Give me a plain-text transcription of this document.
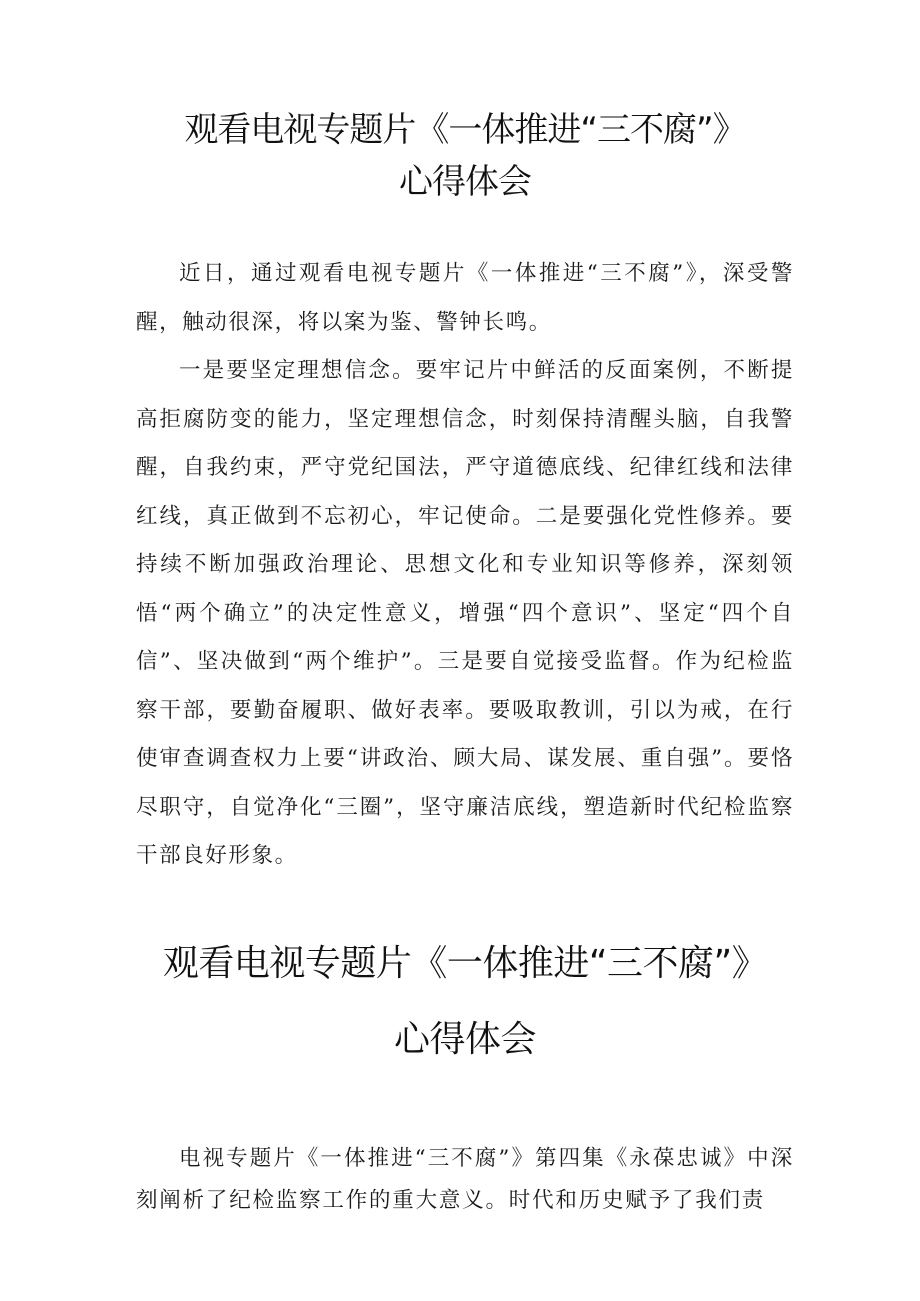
观看电视专题片《一体推进“三不腐”》
心得体会

近日，通过观看电视专题片《一体推进“三不腐”》，深受警醒，触动很深，将以案为鉴、警钟长鸣。

一是要坚定理想信念。要牢记片中鲜活的反面案例，不断提高拒腐防变的能力，坚定理想信念，时刻保持清醒头脑，自我警醒，自我约束，严守党纪国法，严守道德底线、纪律红线和法律红线，真正做到不忘初心，牢记使命。二是要强化党性修养。要持续不断加强政治理论、思想文化和专业知识等修养，深刻领悟“两个确立”的决定性意义，增强“四个意识”、坚定“四个自信”、坚决做到“两个维护”。三是要自觉接受监督。作为纪检监察干部，要勤奋履职、做好表率。要吸取教训，引以为戒，在行使审查调查权力上要“讲政治、顾大局、谋发展、重自强”。要恪尽职守，自觉净化“三圈”，坚守廉洁底线，塑造新时代纪检监察干部良好形象。

观看电视专题片《一体推进“三不腐”》
心得体会

电视专题片《一体推进“三不腐”》第四集《永葆忠诚》中深刻阐析了纪检监察工作的重大意义。时代和历史赋予了我们责
